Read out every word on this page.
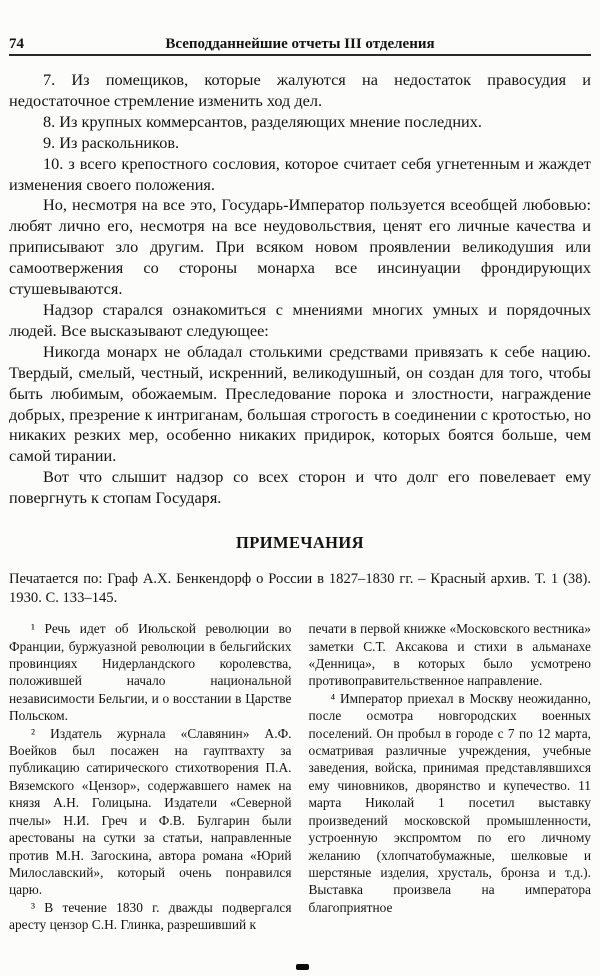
74	Всеподданнейшие отчеты III отделения

7. Из помещиков, которые жалуются на недостаток правосудия и недостаточное стремление изменить ход дел.

8. Из крупных коммерсантов, разделяющих мнение последних.

9. Из раскольников.

10. з всего крепостного сословия, которое считает себя угнетенным и жаждет изменения своего положения.

Но, несмотря на все это, Государь-Император пользуется всеобщей любовью: любят лично его, несмотря на все неудовольствия, ценят его личные качества и приписывают зло другим. При всяком новом проявлении великодушия или самоотвержения со стороны монарха все инсинуации фрондирующих стушевываются.

Надзор старался ознакомиться с мнениями многих умных и порядочных людей. Все высказывают следующее:

Никогда монарх не обладал столькими средствами привязать к себе нацию. Твердый, смелый, честный, искренний, великодушный, он создан для того, чтобы быть любимым, обожаемым. Преследование порока и злостности, награждение добрых, презрение к интриганам, большая строгость в соединении с кротостью, но никаких резких мер, особенно никаких придирок, которых боятся больше, чем самой тирании.

Вот что слышит надзор со всех сторон и что долг его повелевает ему повергнуть к стопам Государя.

ПРИМЕЧАНИЯ

Печатается по: Граф А.Х. Бенкендорф о России в 1827–1830 гг. – Красный архив. Т. 1 (38). 1930. С. 133–145.

¹ Речь идет об Июльской революции во Франции, буржуазной революции в бельгийских провинциях Нидерландского королевства, положившей начало национальной независимости Бельгии, и о восстании в Царстве Польском.

² Издатель журнала «Славянин» А.Ф. Воейков был посажен на гауптвахту за публикацию сатирического стихотворения П.А. Вяземского «Цензор», содержавшего намек на князя А.Н. Голицына. Издатели «Северной пчелы» Н.И. Греч и Ф.В. Булгарин были арестованы на сутки за статьи, направленные против М.Н. Загоскина, автора романа «Юрий Милославский», который очень понравился царю.

³ В течение 1830 г. дважды подвергался аресту цензор С.Н. Глинка, разрешивший к

печати в первой книжке «Московского вестника» заметки С.Т. Аксакова и стихи в альманахе «Денница», в которых было усмотрено противоправительственное направление.

⁴ Император приехал в Москву неожиданно, после осмотра новгородских военных поселений. Он пробыл в городе с 7 по 12 марта, осматривая различные учреждения, учебные заведения, войска, принимая представлявшихся ему чиновников, дворянство и купечество. 11 марта Николай 1 посетил выставку произведений московской промышленности, устроенную экспромтом по его личному желанию (хлопчатобумажные, шелковые и шерстяные изделия, хрусталь, бронза и т.д.). Выставка произвела на императора благоприятное
